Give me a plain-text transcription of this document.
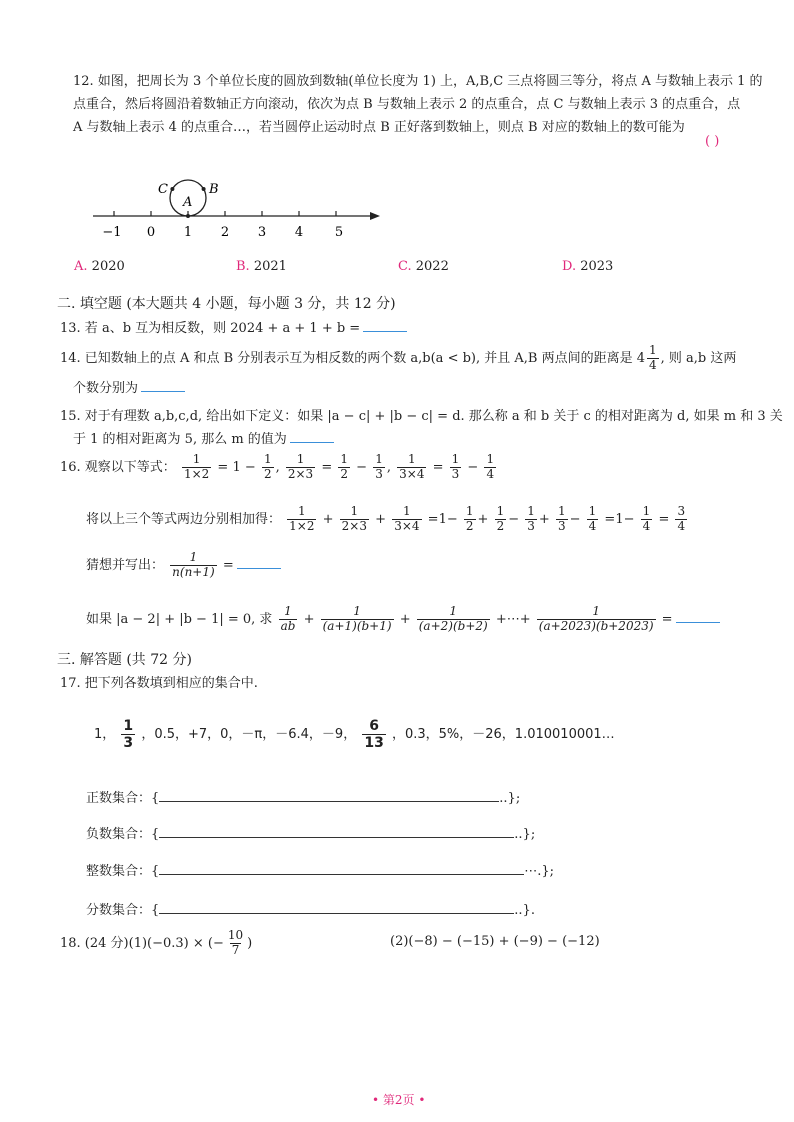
12. 如图，把周长为 3 个单位长度的圆放到数轴(单位长度为 1) 上，A,B,C 三点将圆三等分，将点 A 与数轴上表示 1 的
点重合，然后将圆沿着数轴正方向滚动，依次为点 B 与数轴上表示 2 的点重合，点 C 与数轴上表示 3 的点重合，点
A 与数轴上表示 4 的点重合…，若当圆停止运动时点 B 正好落到数轴上，则点 B 对应的数轴上的数可能为
( )
C	B
A
−1 0 1 2 3 4 5
A. 2020	B. 2021	C. 2022	D. 2023
二. 填空题 (本大题共 4 小题，每小题 3 分，共 12 分)
13. 若 a、b 互为相反数，则 2024 + a + 1 + b =
14. 已知数轴上的点 A 和点 B 分别表示互为相反数的两个数 a,b(a < b), 并且 A,B 两点间的距离是 $4 \frac{1}{4}$ , 则 a,b 这两
个数分别为
15. 对于有理数 a,b,c,d, 给出如下定义：如果 |a − c| + |b − c| = d. 那么称 a 和 b 关于 c 的相对距离为 d, 如果 m 和 3 关
于 1 的相对距离为 5, 那么 m 的值为
16. 观察以下等式： $\frac{1}{1\times 2} = 1 - \frac{1}{2}$ , $\frac{1}{2\times 3} = \frac{1}{2} - \frac{1}{3}$ , $\frac{1}{3\times 4} = \frac{1}{3} - \frac{1}{4}$
将以上三个等式两边分别相加得： $\frac{1}{1\times 2} + \frac{1}{2\times 3} + \frac{1}{3\times 4} =1- \frac{1}{2} + \frac{1}{2} - \frac{1}{3} + \frac{1}{3} - \frac{1}{4} =1- \frac{1}{4} = \frac{3}{4}$
猜想并写出： $\frac{1}{n(n+1)}$ =
如果 |a − 2| + |b − 1| = 0, 求 $\frac{1}{ab} + \frac{1}{(a+1)(b+1)} + \frac{1}{(a+2)(b+2)}$ +⋯+ $\frac{1}{(a+2023)(b+2023)}$ =
三. 解答题 (共 72 分)
17. 把下列各数填到相应的集合中.
1， $\frac{1}{3}$ ，0.5，+7，0，－π，－6.4，－9， $\frac{6}{13}$ ，0.3，5%，－26，1.010010001…
正数集合：{	..};
负数集合：{	..};
整数集合：{	⋯.};
分数集合：{	..}.
18. (24 分)(1)(−0.3) × (− $\frac{10}{7}$ )	(2)(−8) − (−15) + (−9) − (−12)
• 第2页 •
